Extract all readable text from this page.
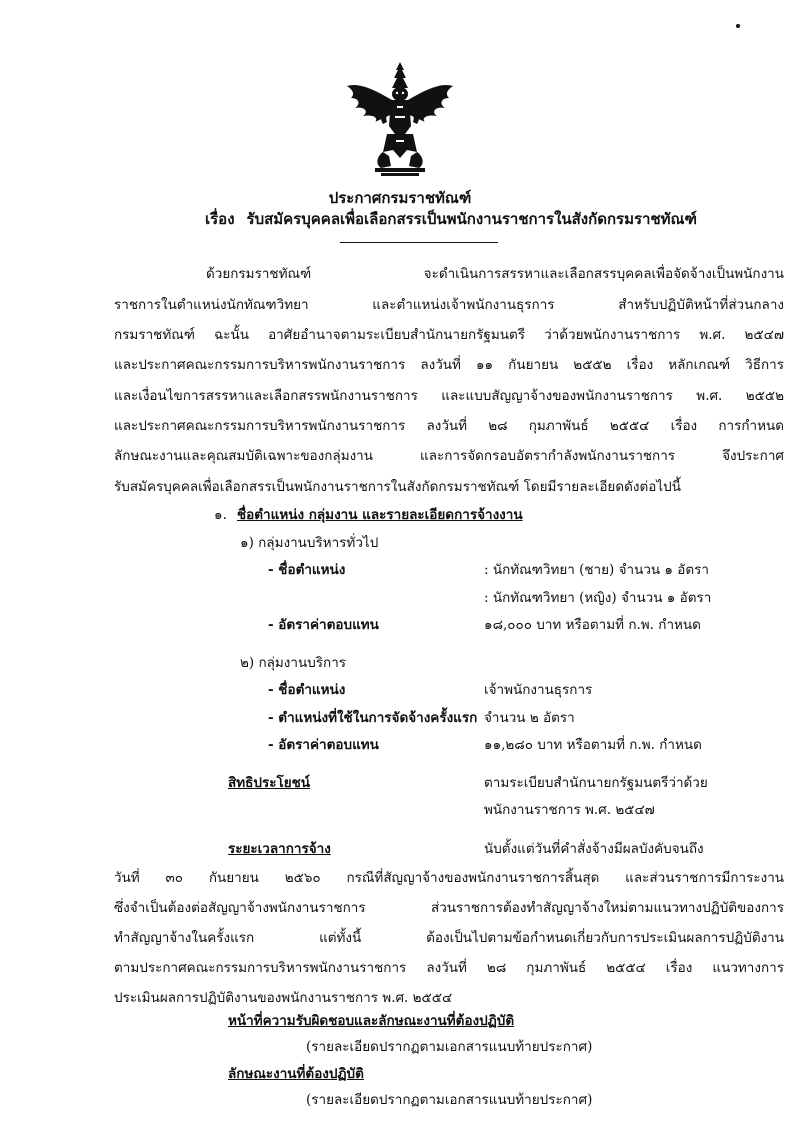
ประกาศกรมราชทัณฑ์
เรื่อง รับสมัครบุคคลเพื่อเลือกสรรเป็นพนักงานราชการในสังกัดกรมราชทัณฑ์
ด้วยกรมราชทัณฑ์ จะดำเนินการสรรหาและเลือกสรรบุคคลเพื่อจัดจ้างเป็นพนักงาน
ราชการในตำแหน่งนักทัณฑวิทยา และตำแหน่งเจ้าพนักงานธุรการ สำหรับปฏิบัติหน้าที่ส่วนกลาง
กรมราชทัณฑ์ ฉะนั้น อาศัยอำนาจตามระเบียบสำนักนายกรัฐมนตรี ว่าด้วยพนักงานราชการ พ.ศ. ๒๕๔๗
และประกาศคณะกรรมการบริหารพนักงานราชการ ลงวันที่ ๑๑ กันยายน ๒๕๕๒ เรื่อง หลักเกณฑ์ วิธีการ
และเงื่อนไขการสรรหาและเลือกสรรพนักงานราชการ และแบบสัญญาจ้างของพนักงานราชการ พ.ศ. ๒๕๕๒
และประกาศคณะกรรมการบริหารพนักงานราชการ ลงวันที่ ๒๘ กุมภาพันธ์ ๒๕๕๔ เรื่อง การกำหนด
ลักษณะงานและคุณสมบัติเฉพาะของกลุ่มงาน และการจัดกรอบอัตรากำลังพนักงานราชการ จึงประกาศ
รับสมัครบุคคลเพื่อเลือกสรรเป็นพนักงานราชการในสังกัดกรมราชทัณฑ์ โดยมีรายละเอียดดังต่อไปนี้
๑. ชื่อตำแหน่ง กลุ่มงาน และรายละเอียดการจ้างงาน
๑) กลุ่มงานบริหารทั่วไป
- ชื่อตำแหน่ง	: นักทัณฑวิทยา (ชาย) จำนวน ๑ อัตรา
: นักทัณฑวิทยา (หญิง) จำนวน ๑ อัตรา
- อัตราค่าตอบแทน	๑๘,๐๐๐ บาท หรือตามที่ ก.พ. กำหนด
๒) กลุ่มงานบริการ
- ชื่อตำแหน่ง	เจ้าพนักงานธุรการ
- ตำแหน่งที่ใช้ในการจัดจ้างครั้งแรก จำนวน ๒ อัตรา
- อัตราค่าตอบแทน	๑๑,๒๘๐ บาท หรือตามที่ ก.พ. กำหนด
สิทธิประโยชน์	ตามระเบียบสำนักนายกรัฐมนตรีว่าด้วย
พนักงานราชการ พ.ศ. ๒๕๔๗
ระยะเวลาการจ้าง	นับตั้งแต่วันที่คำสั่งจ้างมีผลบังคับจนถึง
วันที่ ๓๐ กันยายน ๒๕๖๐ กรณีที่สัญญาจ้างของพนักงานราชการสิ้นสุด และส่วนราชการมีการะงาน
ซึ่งจำเป็นต้องต่อสัญญาจ้างพนักงานราชการ ส่วนราชการต้องทำสัญญาจ้างใหม่ตามแนวทางปฏิบัติของการ
ทำสัญญาจ้างในครั้งแรก แต่ทั้งนี้ ต้องเป็นไปตามข้อกำหนดเกี่ยวกับการประเมินผลการปฏิบัติงาน
ตามประกาศคณะกรรมการบริหารพนักงานราชการ ลงวันที่ ๒๘ กุมภาพันธ์ ๒๕๕๔ เรื่อง แนวทางการ
ประเมินผลการปฏิบัติงานของพนักงานราชการ พ.ศ. ๒๕๕๔
หน้าที่ความรับผิดชอบและลักษณะงานที่ต้องปฏิบัติ
(รายละเอียดปรากฏตามเอกสารแนบท้ายประกาศ)
ลักษณะงานที่ต้องปฏิบัติ
(รายละเอียดปรากฏตามเอกสารแนบท้ายประกาศ)
